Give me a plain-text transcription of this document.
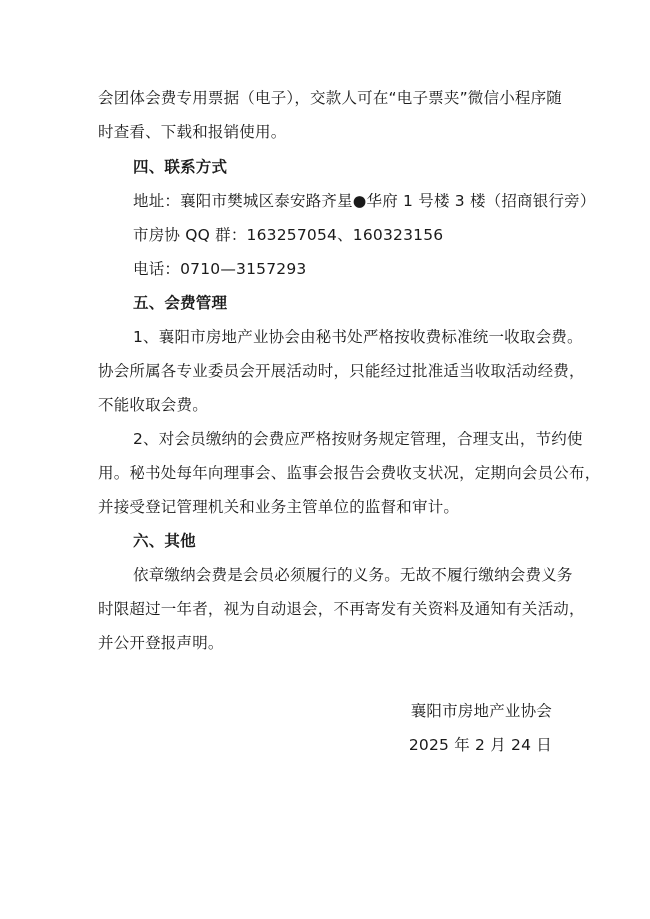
会团体会费专用票据（电子），交款人可在“电子票夹”微信小程序随
时查看、下载和报销使用。
四、联系方式
地址：襄阳市樊城区泰安路齐星●华府 1 号楼 3 楼（招商银行旁）
市房协 QQ 群：163257054、160323156
电话：0710—3157293
五、会费管理
1、襄阳市房地产业协会由秘书处严格按收费标准统一收取会费。
协会所属各专业委员会开展活动时，只能经过批准适当收取活动经费，
不能收取会费。
2、对会员缴纳的会费应严格按财务规定管理，合理支出，节约使
用。秘书处每年向理事会、监事会报告会费收支状况，定期向会员公布，
并接受登记管理机关和业务主管单位的监督和审计。
六、其他
依章缴纳会费是会员必须履行的义务。无故不履行缴纳会费义务
时限超过一年者，视为自动退会，不再寄发有关资料及通知有关活动，
并公开登报声明。
襄阳市房地产业协会
2025 年 2 月 24 日
